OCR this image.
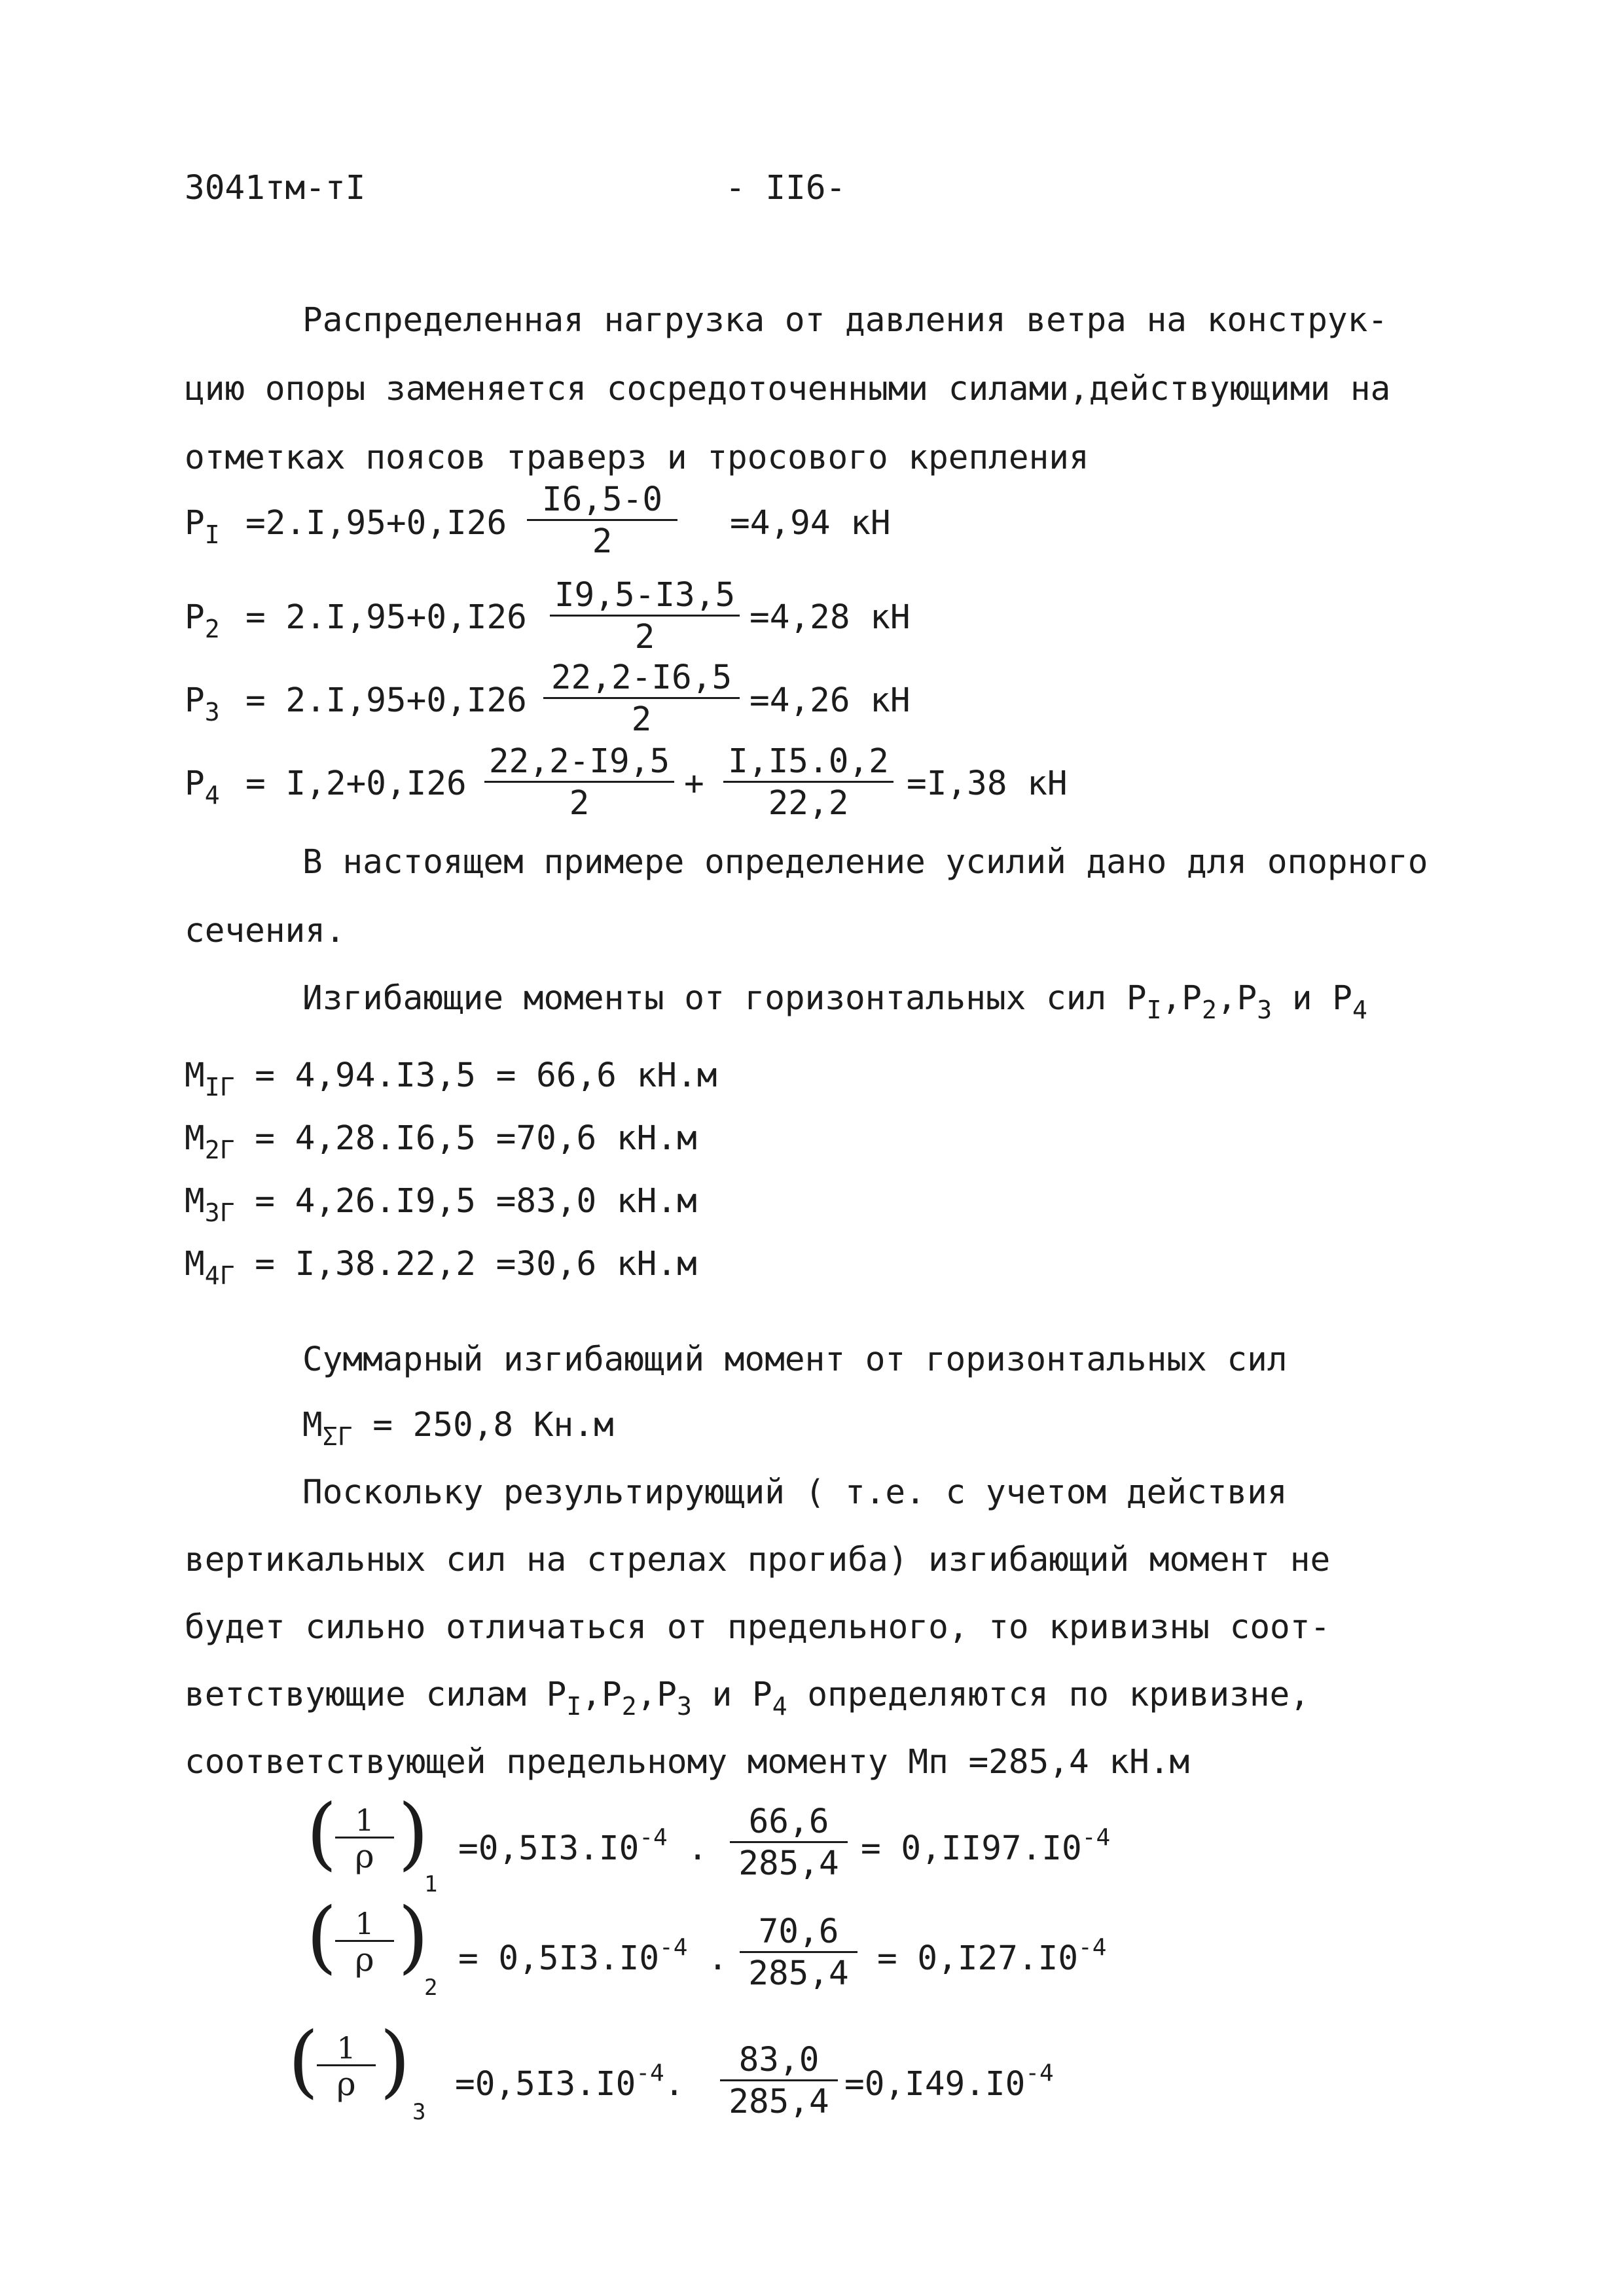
3041тм-тI	- II6-
Распределенная нагрузка от давления ветра на конструк-
цию опоры заменяется сосредоточенными силами,действующими на
отметках поясов траверз и тросового крепления
$P_I =2.I,95+0,I26 \frac{I6,5-0}{2} =4,94$ кН
$P_2 = 2.I,95+0,I26 \frac{I9,5-I3,5}{2} =4,28$ кН
$P_3 = 2.I,95+0,I26 \frac{22,2-I6,5}{2} =4,26$ кН
$P_4 = I,2+0,I26 \frac{22,2-I9,5}{2} + \frac{I,I5.0,2}{22,2} =I,38$ кН
В настоящем примере определение усилий дано для опорного
сечения.
Изгибающие моменты от горизонтальных сил $P_I,P_2,P_3$ и $P_4$
$M_{IГ} = 4,94.I3,5 = 66,6$ кН.м
$M_{2Г} = 4,28.I6,5 =70,6$ кН.м
$M_{3Г} = 4,26.I9,5 =83,0$ кН.м
$M_{4Г} = I,38.22,2 =30,6$ кН.м
Суммарный изгибающий момент от горизонтальных сил
$M_{\Sigma Г} = 250,8$ Кн.м
Поскольку результирующий ( т.е. с учетом действия
вертикальных сил на стрелах прогиба) изгибающий момент не
будет сильно отличаться от предельного, то кривизны соот-
ветствующие силам $P_I,P_2,P_3$ и $P_4$ определяются по кривизне,
соответствующей предельному моменту Мп =285,4 кН.м
( 1
ρ )
1
$=0,5I3.I0^{-4}$ . $\frac{66,6}{285,4} = 0,II97.I0^{-4}$
( 1
ρ )
2
= $0,5I3.I0^{-4}$ . $\frac{70,6}{285,4} = 0,I27.I0^{-4}$
( 1
ρ )
3
$=0,5I3.I0^{-4}$. $\frac{83,0}{285,4} =0,I49.I0^{-4}$
